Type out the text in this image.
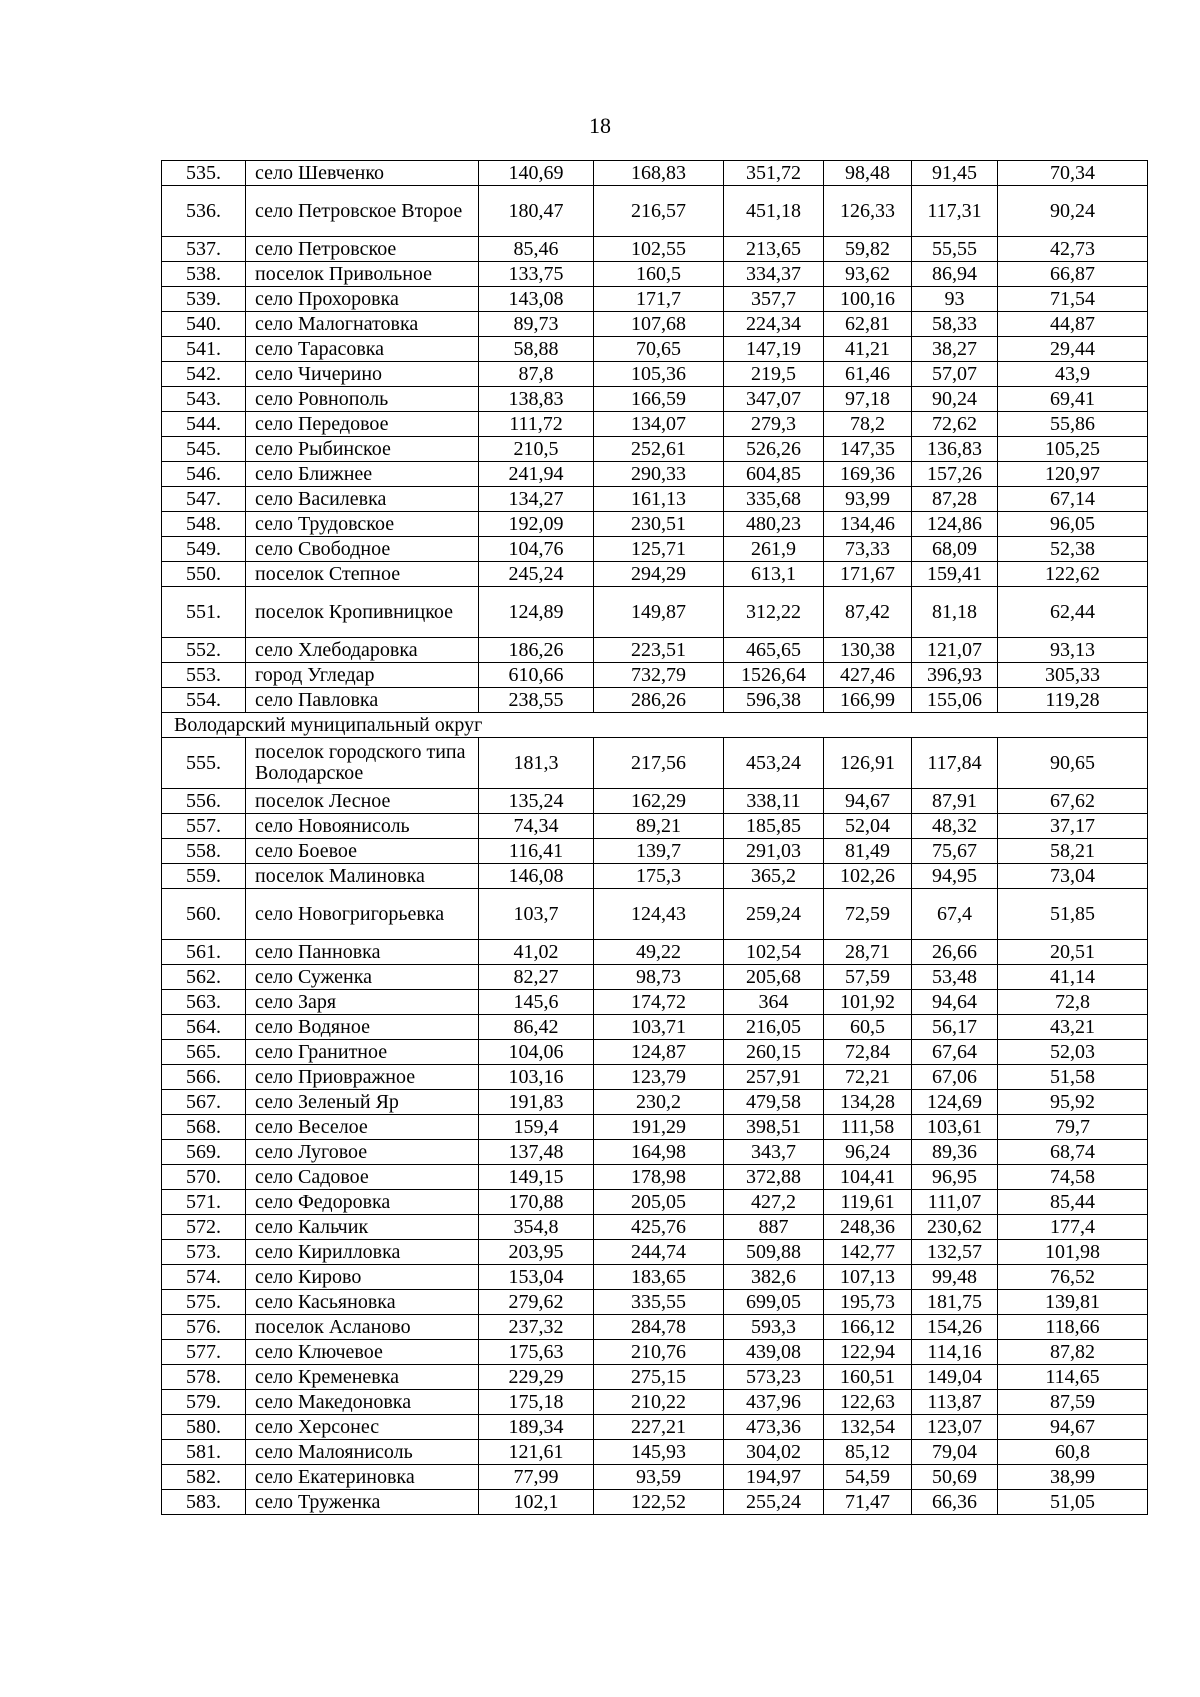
18
535.	село Шевченко	140,69	168,83	351,72	98,48	91,45	70,34
536.	село Петровское Второе	180,47	216,57	451,18	126,33	117,31	90,24
537.	село Петровское	85,46	102,55	213,65	59,82	55,55	42,73
538.	поселок Привольное	133,75	160,5	334,37	93,62	86,94	66,87
539.	село Прохоровка	143,08	171,7	357,7	100,16	93	71,54
540.	село Малогнатовка	89,73	107,68	224,34	62,81	58,33	44,87
541.	село Тарасовка	58,88	70,65	147,19	41,21	38,27	29,44
542.	село Чичерино	87,8	105,36	219,5	61,46	57,07	43,9
543.	село Ровнополь	138,83	166,59	347,07	97,18	90,24	69,41
544.	село Передовое	111,72	134,07	279,3	78,2	72,62	55,86
545.	село Рыбинское	210,5	252,61	526,26	147,35	136,83	105,25
546.	село Ближнее	241,94	290,33	604,85	169,36	157,26	120,97
547.	село Василевка	134,27	161,13	335,68	93,99	87,28	67,14
548.	село Трудовское	192,09	230,51	480,23	134,46	124,86	96,05
549.	село Свободное	104,76	125,71	261,9	73,33	68,09	52,38
550.	поселок Степное	245,24	294,29	613,1	171,67	159,41	122,62
551.	поселок Кропивницкое	124,89	149,87	312,22	87,42	81,18	62,44
552.	село Хлебодаровка	186,26	223,51	465,65	130,38	121,07	93,13
553.	город Угледар	610,66	732,79	1526,64	427,46	396,93	305,33
554.	село Павловка	238,55	286,26	596,38	166,99	155,06	119,28
Володарский муниципальный округ							
555.	поселок городского типа Володарское	181,3	217,56	453,24	126,91	117,84	90,65
556.	поселок Лесное	135,24	162,29	338,11	94,67	87,91	67,62
557.	село Новоянисоль	74,34	89,21	185,85	52,04	48,32	37,17
558.	село Боевое	116,41	139,7	291,03	81,49	75,67	58,21
559.	поселок Малиновка	146,08	175,3	365,2	102,26	94,95	73,04
560.	село Новогригорьевка	103,7	124,43	259,24	72,59	67,4	51,85
561.	село Панновка	41,02	49,22	102,54	28,71	26,66	20,51
562.	село Суженка	82,27	98,73	205,68	57,59	53,48	41,14
563.	село Заря	145,6	174,72	364	101,92	94,64	72,8
564.	село Водяное	86,42	103,71	216,05	60,5	56,17	43,21
565.	село Гранитное	104,06	124,87	260,15	72,84	67,64	52,03
566.	село Приовражное	103,16	123,79	257,91	72,21	67,06	51,58
567.	село Зеленый Яр	191,83	230,2	479,58	134,28	124,69	95,92
568.	село Веселое	159,4	191,29	398,51	111,58	103,61	79,7
569.	село Луговое	137,48	164,98	343,7	96,24	89,36	68,74
570.	село Садовое	149,15	178,98	372,88	104,41	96,95	74,58
571.	село Федоровка	170,88	205,05	427,2	119,61	111,07	85,44
572.	село Кальчик	354,8	425,76	887	248,36	230,62	177,4
573.	село Кирилловка	203,95	244,74	509,88	142,77	132,57	101,98
574.	село Кирово	153,04	183,65	382,6	107,13	99,48	76,52
575.	село Касьяновка	279,62	335,55	699,05	195,73	181,75	139,81
576.	поселок Асланово	237,32	284,78	593,3	166,12	154,26	118,66
577.	село Ключевое	175,63	210,76	439,08	122,94	114,16	87,82
578.	село Кременевка	229,29	275,15	573,23	160,51	149,04	114,65
579.	село Македоновка	175,18	210,22	437,96	122,63	113,87	87,59
580.	село Херсонес	189,34	227,21	473,36	132,54	123,07	94,67
581.	село Малоянисоль	121,61	145,93	304,02	85,12	79,04	60,8
582.	село Екатериновка	77,99	93,59	194,97	54,59	50,69	38,99
583.	село Труженка	102,1	122,52	255,24	71,47	66,36	51,05
